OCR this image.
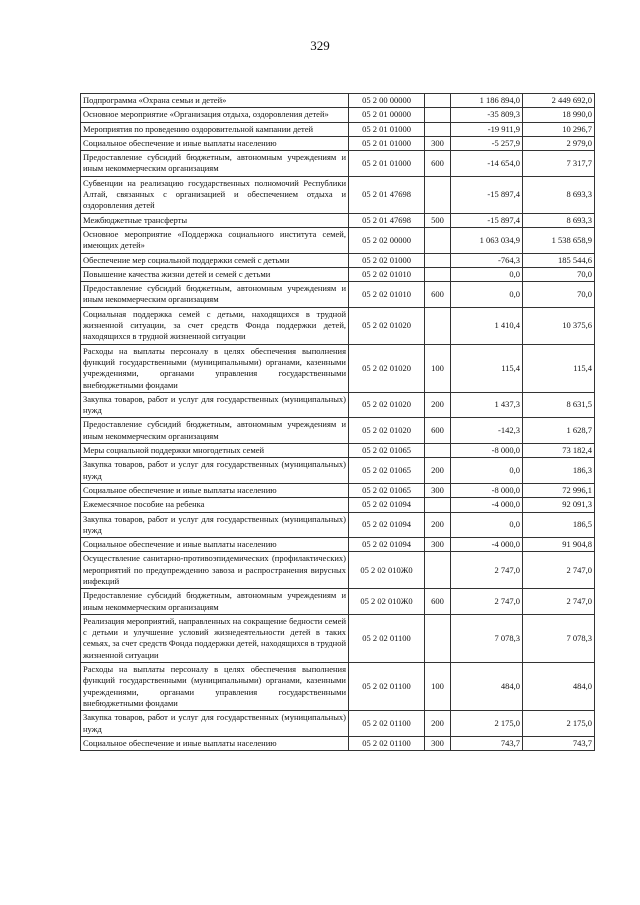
329
Подпрограмма «Охрана семьи и детей»	05 2 00 00000		1 186 894,0	2 449 692,0
Основное мероприятие «Организация отдыха, оздоровления детей»	05 2 01 00000		-35 809,3	18 990,0
Мероприятия по проведению оздоровительной кампании детей	05 2 01 01000		-19 911,9	10 296,7
Социальное обеспечение и иные выплаты населению	05 2 01 01000	300	-5 257,9	2 979,0
Предоставление субсидий бюджетным, автономным учреждениям и иным некоммерческим организациям	05 2 01 01000	600	-14 654,0	7 317,7
Субвенции на реализацию государственных полномочий Республики Алтай, связанных с организацией и обеспечением отдыха и оздоровления детей	05 2 01 47698		-15 897,4	8 693,3
Межбюджетные трансферты	05 2 01 47698	500	-15 897,4	8 693,3
Основное мероприятие «Поддержка социального института семей, имеющих детей»	05 2 02 00000		1 063 034,9	1 538 658,9
Обеспечение мер социальной поддержки семей с детьми	05 2 02 01000		-764,3	185 544,6
Повышение качества жизни детей и семей с детьми	05 2 02 01010		0,0	70,0
Предоставление субсидий бюджетным, автономным учреждениям и иным некоммерческим организациям	05 2 02 01010	600	0,0	70,0
Социальная поддержка семей с детьми, находящихся в трудной жизненной ситуации, за счет средств Фонда поддержки детей, находящихся в трудной жизненной ситуации	05 2 02 01020		1 410,4	10 375,6
Расходы на выплаты персоналу в целях обеспечения выполнения функций государственными (муниципальными) органами, казенными учреждениями, органами управления государственными внебюджетными фондами	05 2 02 01020	100	115,4	115,4
Закупка товаров, работ и услуг для государственных (муниципальных) нужд	05 2 02 01020	200	1 437,3	8 631,5
Предоставление субсидий бюджетным, автономным учреждениям и иным некоммерческим организациям	05 2 02 01020	600	-142,3	1 628,7
Меры социальной поддержки многодетных семей	05 2 02 01065		-8 000,0	73 182,4
Закупка товаров, работ и услуг для государственных (муниципальных) нужд	05 2 02 01065	200	0,0	186,3
Социальное обеспечение и иные выплаты населению	05 2 02 01065	300	-8 000,0	72 996,1
Ежемесячное пособие на ребенка	05 2 02 01094		-4 000,0	92 091,3
Закупка товаров, работ и услуг для государственных (муниципальных) нужд	05 2 02 01094	200	0,0	186,5
Социальное обеспечение и иные выплаты населению	05 2 02 01094	300	-4 000,0	91 904,8
Осуществление санитарно-противоэпидемических (профилактических) мероприятий по предупреждению завоза и распространения вирусных инфекций	05 2 02 010Ж0		2 747,0	2 747,0
Предоставление субсидий бюджетным, автономным учреждениям и иным некоммерческим организациям	05 2 02 010Ж0	600	2 747,0	2 747,0
Реализация мероприятий, направленных на сокращение бедности семей с детьми и улучшение условий жизнедеятельности детей в таких семьях, за счет средств Фонда поддержки детей, находящихся в трудной жизненной ситуации	05 2 02 01100		7 078,3	7 078,3
Расходы на выплаты персоналу в целях обеспечения выполнения функций государственными (муниципальными) органами, казенными учреждениями, органами управления государственными внебюджетными фондами	05 2 02 01100	100	484,0	484,0
Закупка товаров, работ и услуг для государственных (муниципальных) нужд	05 2 02 01100	200	2 175,0	2 175,0
Социальное обеспечение и иные выплаты населению	05 2 02 01100	300	743,7	743,7
